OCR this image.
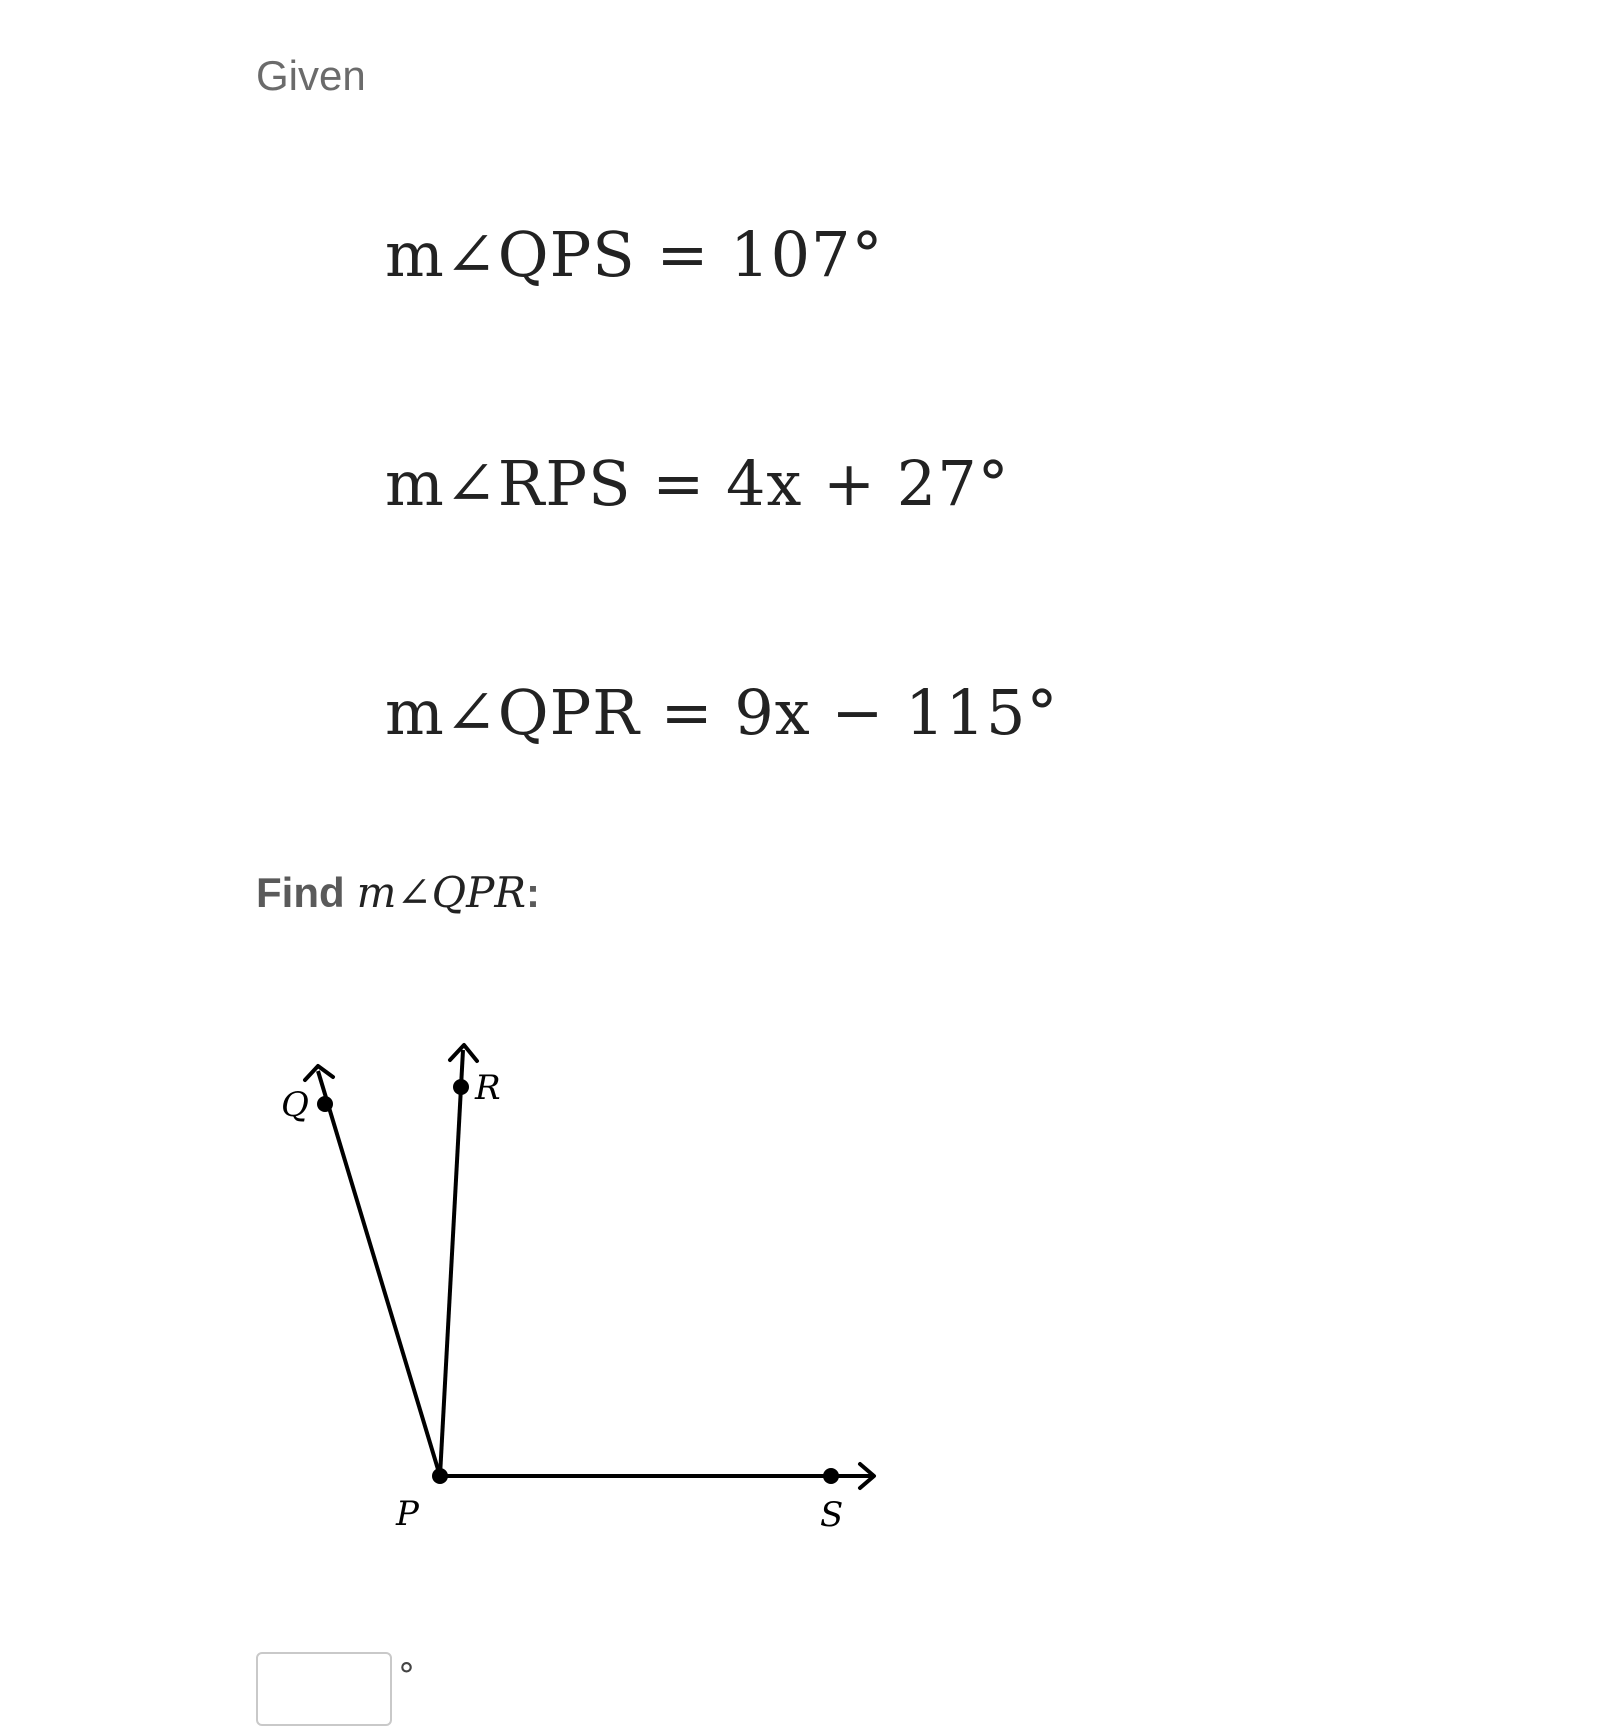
Given
m∠QPS = 107°
m∠RPS = 4x + 27°
m∠QPR = 9x − 115°
Find m∠QPR:
Q	R
P	S
°
